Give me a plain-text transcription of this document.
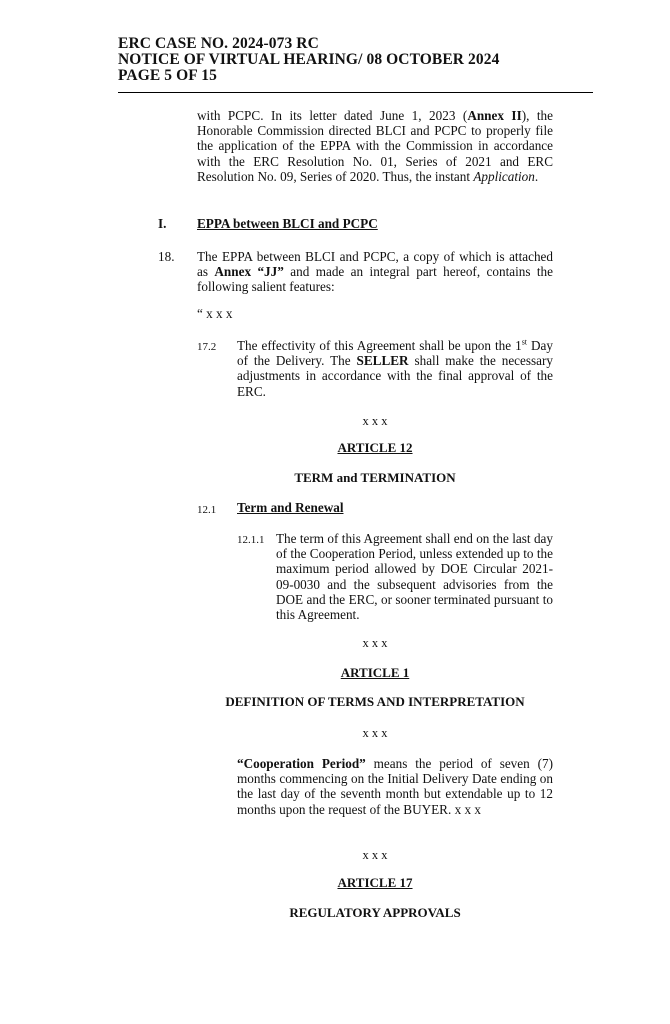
ERC CASE NO. 2024-073 RC
NOTICE OF VIRTUAL HEARING/ 08 OCTOBER 2024
PAGE 5 OF 15
with PCPC. In its letter dated June 1, 2023 (Annex II), the Honorable Commission directed BLCI and PCPC to properly file the application of the EPPA with the Commission in accordance with the ERC Resolution No. 01, Series of 2021 and ERC Resolution No. 09, Series of 2020. Thus, the instant Application.
I. EPPA between BLCI and PCPC
18. The EPPA between BLCI and PCPC, a copy of which is attached as Annex “JJ” and made an integral part hereof, contains the following salient features:
“ x x x
17.2 The effectivity of this Agreement shall be upon the 1st Day of the Delivery. The SELLER shall make the necessary adjustments in accordance with the final approval of the ERC.
x x x
ARTICLE 12
TERM and TERMINATION
12.1 Term and Renewal
12.1.1 The term of this Agreement shall end on the last day of the Cooperation Period, unless extended up to the maximum period allowed by DOE Circular 2021-09-0030 and the subsequent advisories from the DOE and the ERC, or sooner terminated pursuant to this Agreement.
x x x
ARTICLE 1
DEFINITION OF TERMS AND INTERPRETATION
x x x
“Cooperation Period” means the period of seven (7) months commencing on the Initial Delivery Date ending on the last day of the seventh month but extendable up to 12 months upon the request of the BUYER. x x x
x x x
ARTICLE 17
REGULATORY APPROVALS
